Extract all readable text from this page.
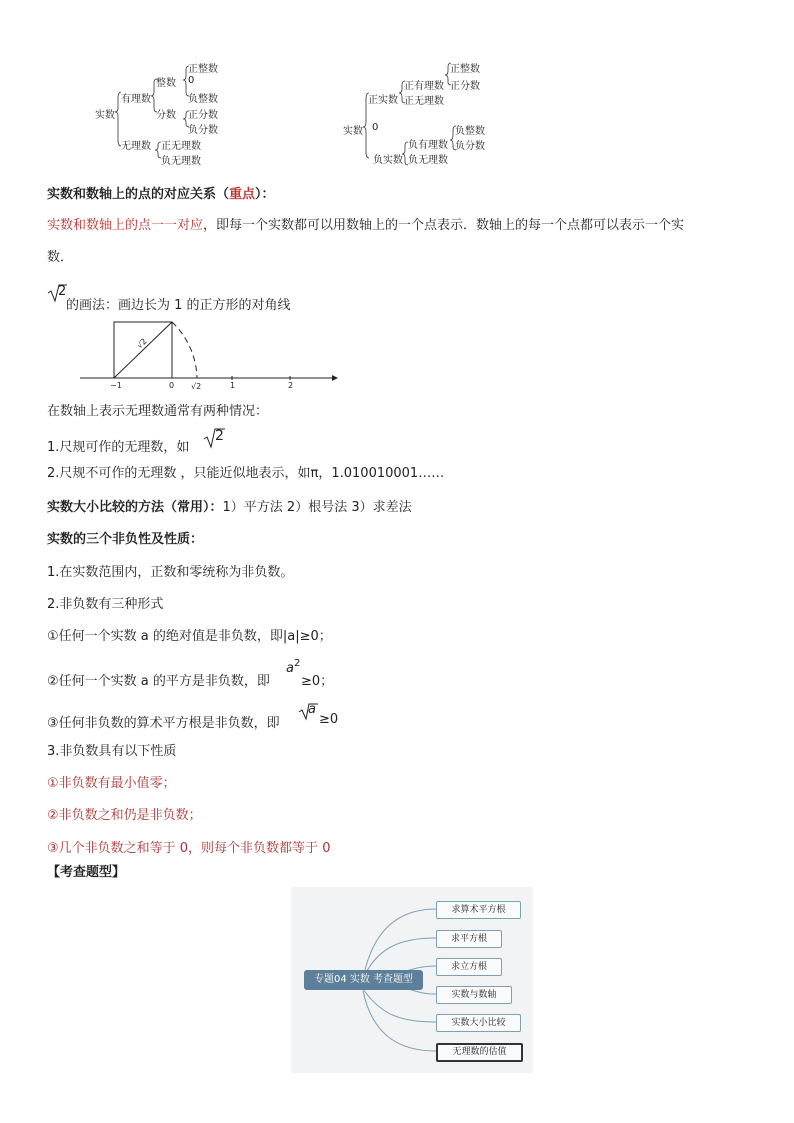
实数
有理数
整数
正整数
0
负整数
分数 正分数
负分数
无理数 正无理数
负无理数
实数
正实数
正有理数
正整数
正分数
正无理数
0
负实数
负有理数
负整数
负分数
负无理数
实数和数轴上的点的对应关系（重点）：
实数和数轴上的点一一对应，即每一个实数都可以用数轴上的一个点表示．数轴上的每一个点都可以表示一个实
数．
2
的画法：画边长为 1 的正方形的对角线
−1	0 √2	1	2
√2
在数轴上表示无理数通常有两种情况：
1.尺规可作的无理数，如
2
2.尺规不可作的无理数 ，只能近似地表示，如π，1.010010001……
实数大小比较的方法（常用）：1）平方法 2）根号法 3）求差法
实数的三个非负性及性质：
1.在实数范围内，正数和零统称为非负数。
2.非负数有三种形式
①任何一个实数 a 的绝对值是非负数，即|a|≥0；
②任何一个实数 a 的平方是非负数，即
a 2
≥0；
③任何非负数的算术平方根是非负数，即
a
≥0
3.非负数具有以下性质
①非负数有最小值零；
②非负数之和仍是非负数；
③几个非负数之和等于 0，则每个非负数都等于 0
【考查题型】
专题04 实数 考查题型
求算术平方根
求平方根
求立方根
实数与数轴
实数大小比较
无理数的估值
